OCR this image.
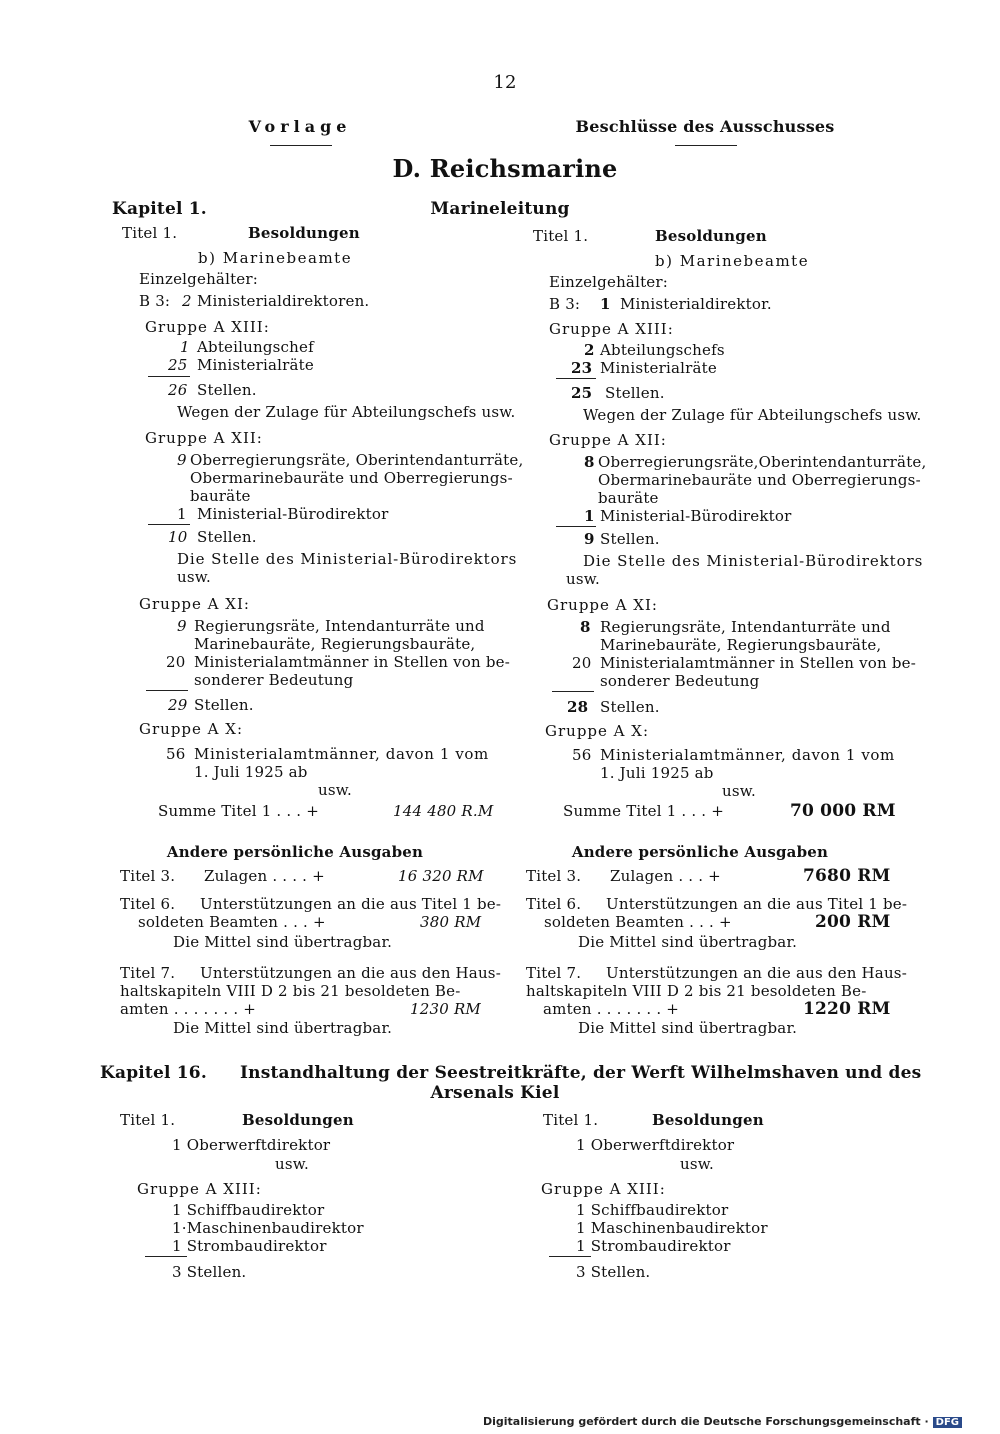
12
Vorlage	Beschlüsse des Ausschusses
D. Reichsmarine
Kapitel 1.	Marineleitung
Titel 1.	Besoldungen
b) Marinebeamte
Einzelgehälter:
B 3: 2 Ministerialdirektoren.
Gruppe A XIII:
1 Abteilungschef
25 Ministerialräte
26 Stellen.
Wegen der Zulage für Abteilungschefs usw.
Gruppe A XII:
9 Oberregierungsräte, Oberintendanturräte,
Obermarinebauräte und Oberregierungs-
bauräte
1 Ministerial-Bürodirektor
10 Stellen.
Die Stelle des Ministerial-Bürodirektors
usw.
Gruppe A XI:
9 Regierungsräte, Intendanturräte und
Marinebauräte, Regierungsbauräte,
20 Ministerialamtmänner in Stellen von be-
sonderer Bedeutung
29 Stellen.
Gruppe A X:
56 Ministerialamtmänner, davon 1 vom
1. Juli 1925 ab
usw.
Summe Titel 1 . . . +	144 480 R.M
Andere persönliche Ausgaben
Titel 3. Zulagen . . . . +	16 320 RM
Titel 6. Unterstützungen an die aus Titel 1 be-
soldeten Beamten . . . +	380 RM
Die Mittel sind übertragbar.
Titel 7. Unterstützungen an die aus den Haus-
haltskapiteln VIII D 2 bis 21 besoldeten Be-
amten . . . . . . . +	1230 RM
Die Mittel sind übertragbar.
Titel 1.	Besoldungen
b) Marinebeamte
Einzelgehälter:
B 3: 1 Ministerialdirektor.
Gruppe A XIII:
2 Abteilungschefs
23 Ministerialräte
25 Stellen.
Wegen der Zulage für Abteilungschefs usw.
Gruppe A XII:
8 Oberregierungsräte,Oberintendanturräte,
Obermarinebauräte und Oberregierungs-
bauräte
1 Ministerial-Bürodirektor
9 Stellen.
Die Stelle des Ministerial-Bürodirektors
usw.
Gruppe A XI:
8 Regierungsräte, Intendanturräte und
Marinebauräte, Regierungsbauräte,
20 Ministerialamtmänner in Stellen von be-
sonderer Bedeutung
28 Stellen.
Gruppe A X:
56 Ministerialamtmänner, davon 1 vom
1. Juli 1925 ab
usw.
Summe Titel 1 . . . +	70 000 RM
Andere persönliche Ausgaben
Titel 3. Zulagen . . . +	7680 RM
Titel 6. Unterstützungen an die aus Titel 1 be-
soldeten Beamten . . . +	200 RM
Die Mittel sind übertragbar.
Titel 7. Unterstützungen an die aus den Haus-
haltskapiteln VIII D 2 bis 21 besoldeten Be-
amten . . . . . . . +	1220 RM
Die Mittel sind übertragbar.
Kapitel 16. Instandhaltung der Seestreitkräfte, der Werft Wilhelmshaven und des
Arsenals Kiel
Titel 1.	Besoldungen
1 Oberwerftdirektor
usw.
Gruppe A XIII:
1 Schiffbaudirektor
1·Maschinenbaudirektor
1 Strombaudirektor
3 Stellen.
Titel 1.	Besoldungen
1 Oberwerftdirektor
usw.
Gruppe A XIII:
1 Schiffbaudirektor
1 Maschinenbaudirektor
1 Strombaudirektor
3 Stellen.
Digitalisierung gefördert durch die Deutsche Forschungsgemeinschaft · DFG
